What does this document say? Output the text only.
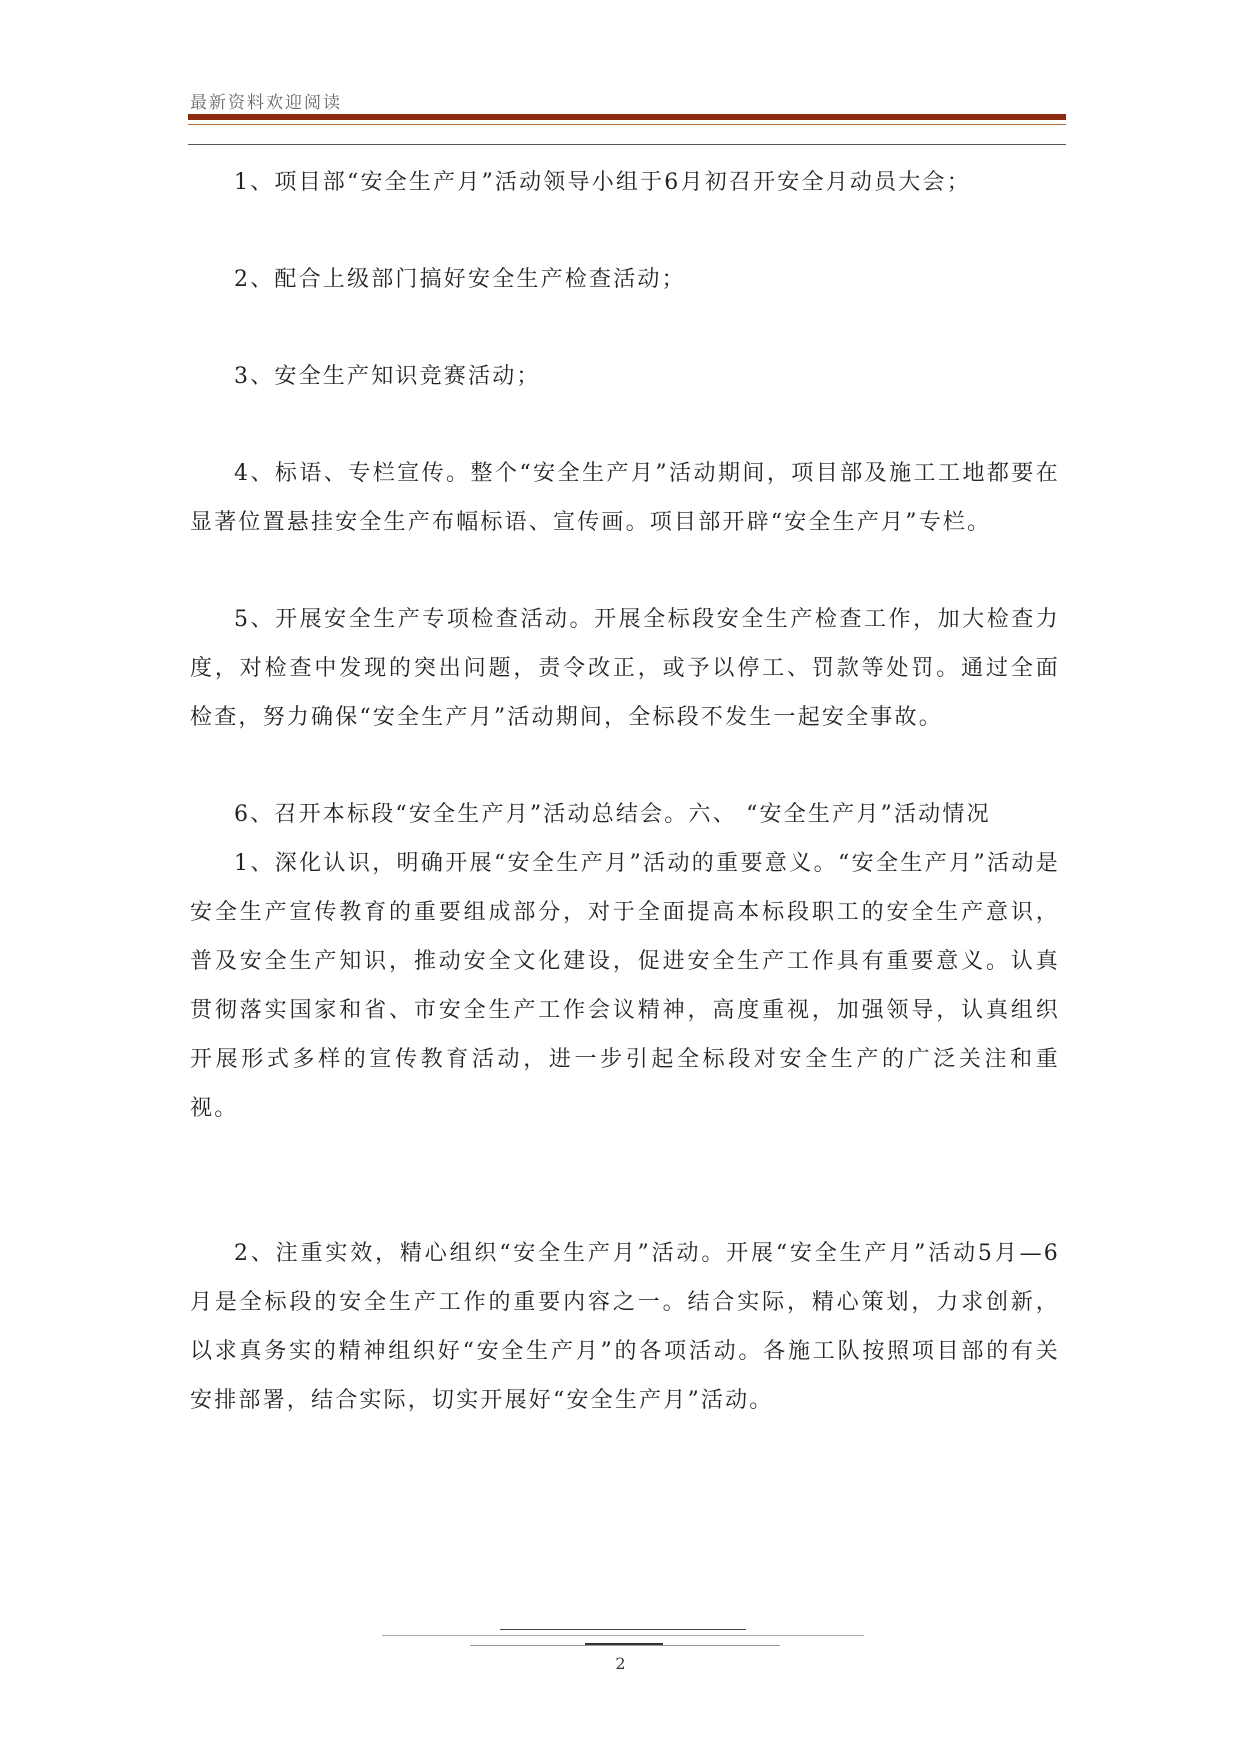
最新资料欢迎阅读

1、项目部“安全生产月”活动领导小组于6月初召开安全月动员大会；

2、配合上级部门搞好安全生产检查活动；

3、安全生产知识竞赛活动；

4、标语、专栏宣传。整个“安全生产月”活动期间，项目部及施工工地都要在显著位置悬挂安全生产布幅标语、宣传画。项目部开辟“安全生产月”专栏。

5、开展安全生产专项检查活动。开展全标段安全生产检查工作，加大检查力度，对检查中发现的突出问题，责令改正，或予以停工、罚款等处罚。通过全面检查，努力确保“安全生产月”活动期间，全标段不发生一起安全事故。

6、召开本标段“安全生产月”活动总结会。六、 “安全生产月”活动情况

1、深化认识，明确开展“安全生产月”活动的重要意义。“安全生产月”活动是安全生产宣传教育的重要组成部分，对于全面提高本标段职工的安全生产意识，普及安全生产知识，推动安全文化建设，促进安全生产工作具有重要意义。认真贯彻落实国家和省、市安全生产工作会议精神，高度重视，加强领导，认真组织开展形式多样的宣传教育活动，进一步引起全标段对安全生产的广泛关注和重视。

2、注重实效，精心组织“安全生产月”活动。开展“安全生产月”活动5月—6月是全标段的安全生产工作的重要内容之一。结合实际，精心策划，力求创新，以求真务实的精神组织好“安全生产月”的各项活动。各施工队按照项目部的有关安排部署，结合实际，切实开展好“安全生产月”活动。

2
